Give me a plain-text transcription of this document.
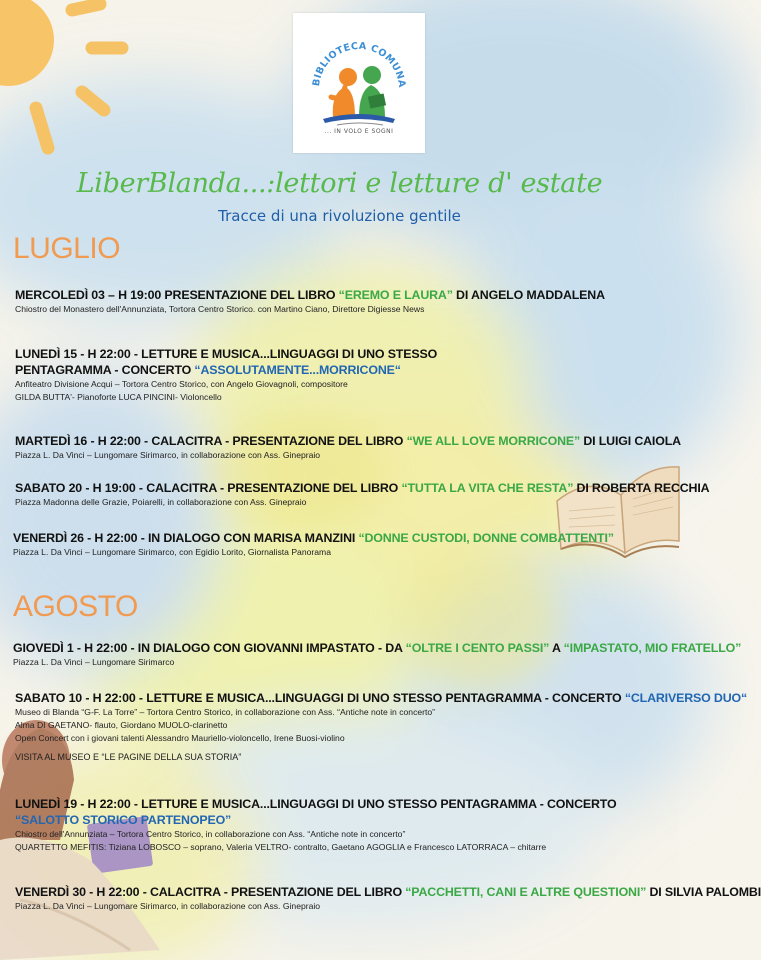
BIBLIOTECA COMUNA
... IN VOLO E SOGNI
LiberBlanda...:lettori e letture d' estate
Tracce di una rivoluzione gentile
LUGLIO
MERCOLEDÌ 03 – H 19:00 PRESENTAZIONE DEL LIBRO “EREMO E LAURA” DI ANGELO MADDALENA
Chiostro del Monastero dell'Annunziata, Tortora Centro Storico. con Martino Ciano, Direttore Digiesse News
LUNEDÌ 15 - H 22:00 - LETTURE E MUSICA...LINGUAGGI DI UNO STESSO PENTAGRAMMA - CONCERTO “ASSOLUTAMENTE...MORRICONE“
Anfiteatro Divisione Acqui – Tortora Centro Storico, con Angelo Giovagnoli, compositore
GILDA BUTTA'- Pianoforte LUCA PINCINI- Violoncello
MARTEDÌ 16 - H 22:00 - CALACITRA - PRESENTAZIONE DEL LIBRO “WE ALL LOVE MORRICONE” DI LUIGI CAIOLA
Piazza L. Da Vinci – Lungomare Sirimarco, in collaborazione con Ass. Ginepraio
SABATO 20 - H 19:00 - CALACITRA - PRESENTAZIONE DEL LIBRO “TUTTA LA VITA CHE RESTA” DI ROBERTA RECCHIA
Piazza Madonna delle Grazie, Poiarelli, in collaborazione con Ass. Ginepraio
VENERDÌ 26 - H 22:00 - IN DIALOGO CON MARISA MANZINI “DONNE CUSTODI, DONNE COMBATTENTI”
Piazza L. Da Vinci – Lungomare Sirimarco, con Egidio Lorito, Giornalista Panorama
AGOSTO
GIOVEDÌ 1 - H 22:00 - IN DIALOGO CON GIOVANNI IMPASTATO - DA “OLTRE I CENTO PASSI” A “IMPASTATO, MIO FRATELLO”
Piazza L. Da Vinci – Lungomare Sirimarco
SABATO 10 - H 22:00 - LETTURE E MUSICA...LINGUAGGI DI UNO STESSO PENTAGRAMMA - CONCERTO “CLARIVERSO DUO“
Museo di Blanda “G-F. La Torre” – Tortora Centro Storico, in collaborazione con Ass. “Antiche note in concerto”
Alma DI GAETANO- flauto, Giordano MUOLO-clarinetto
Open Concert con i giovani talenti Alessandro Mauriello-violoncello, Irene Buosi-violino
VISITA AL MUSEO E “LE PAGINE DELLA SUA STORIA”
LUNEDÌ 19 - H 22:00 - LETTURE E MUSICA...LINGUAGGI DI UNO STESSO PENTAGRAMMA - CONCERTO “SALOTTO STORICO PARTENOPEO”
Chiostro dell'Annunziata – Tortora Centro Storico, in collaborazione con Ass. “Antiche note in concerto”
QUARTETTO MEFITIS: Tiziana LOBOSCO – soprano, Valeria VELTRO- contralto, Gaetano AGOGLIA e Francesco LATORRACA – chitarre
VENERDÌ 30 - H 22:00 - CALACITRA - PRESENTAZIONE DEL LIBRO “PACCHETTI, CANI E ALTRE QUESTIONI” DI SILVIA PALOMBI
Piazza L. Da Vinci – Lungomare Sirimarco, in collaborazione con Ass. Ginepraio
